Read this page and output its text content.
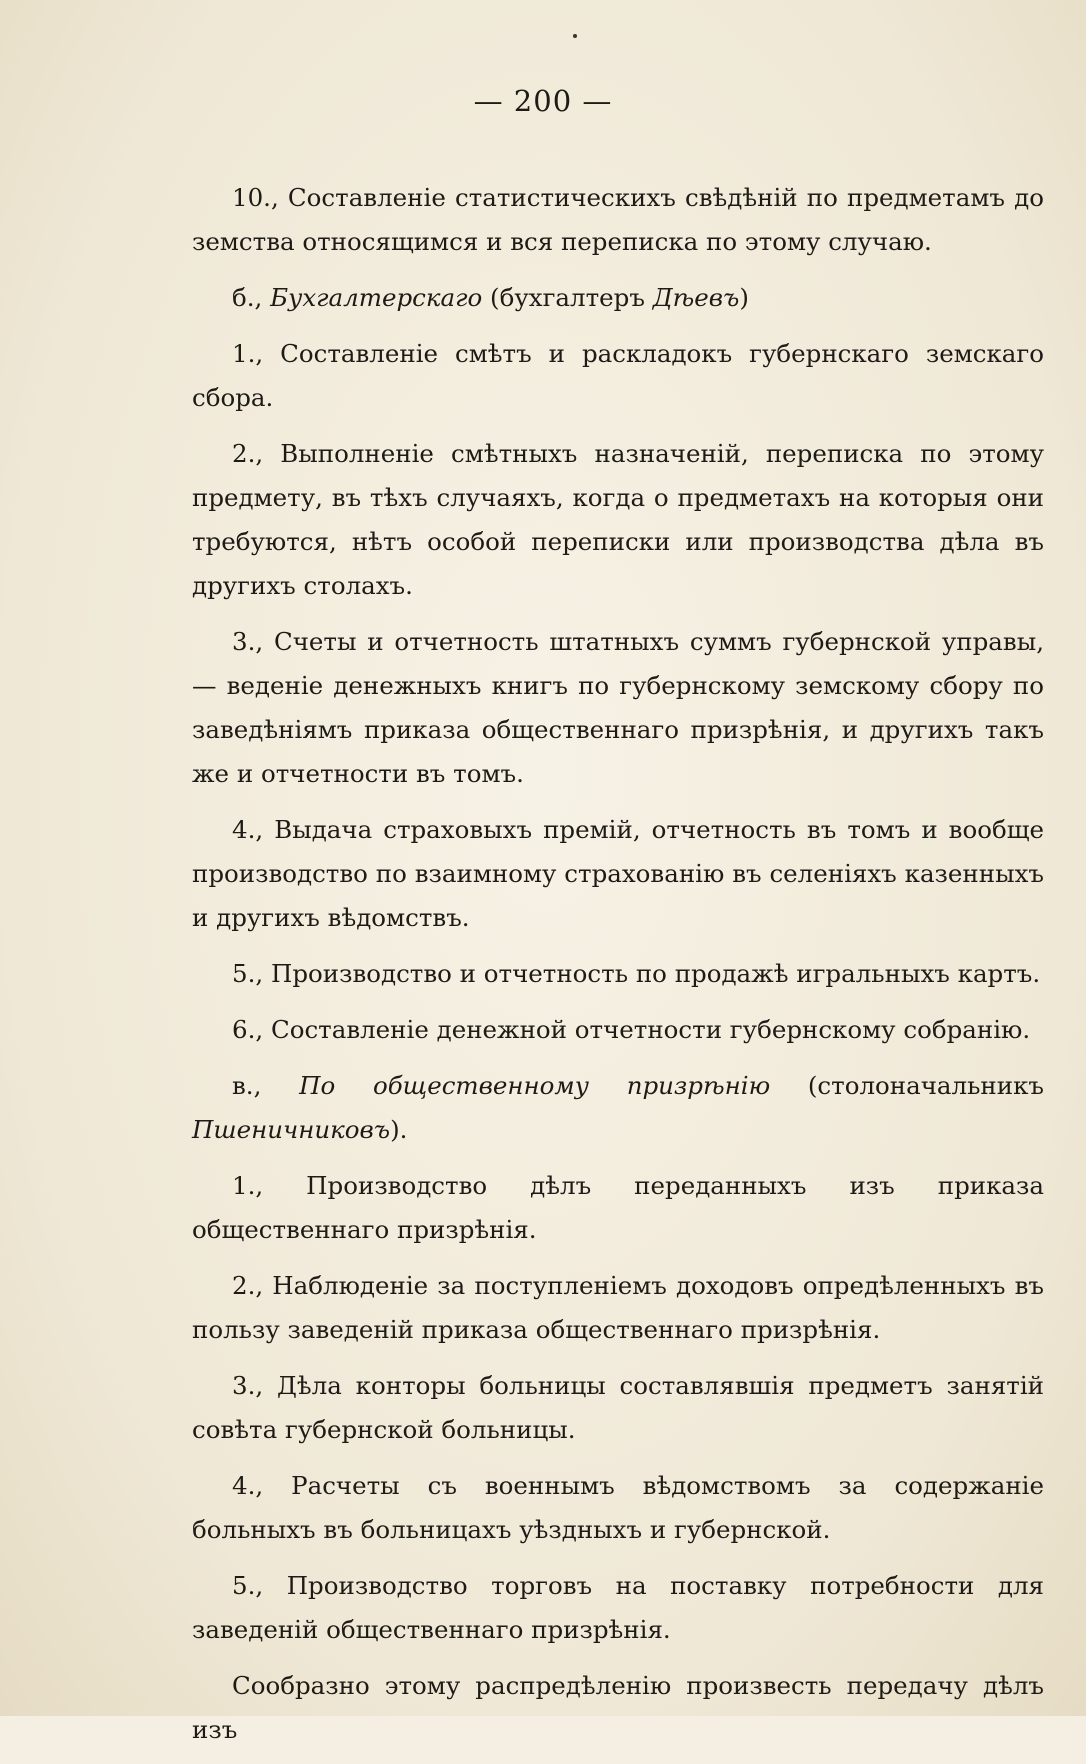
— 200 —

10., Составленіе статистическихъ свѣдѣній по предметамъ до земства относящимся и вся переписка по этому случаю.

б., Бухгалтерскаго (бухгалтеръ Дѣевъ)

1., Составленіе смѣтъ и раскладокъ губернскаго земскаго сбора.

2., Выполненіе смѣтныхъ назначеній, переписка по этому предмету, въ тѣхъ случаяхъ, когда о предметахъ на которыя они требуются, нѣтъ особой переписки или производства дѣла въ другихъ столахъ.

3., Счеты и отчетность штатныхъ суммъ губернской управы,— веденіе денежныхъ книгъ по губернскому земскому сбору по заведѣніямъ приказа общественнаго призрѣнія, и другихъ такъ же и отчетности въ томъ.

4., Выдача страховыхъ премій, отчетность въ томъ и вообще производство по взаимному страхованію въ селеніяхъ казенныхъ и другихъ вѣдомствъ.

5., Производство и отчетность по продажѣ игральныхъ картъ.

6., Составленіе денежной отчетности губернскому собранію.

в., По общественному призрѣнію (столоначальникъ Пшеничниковъ).

1., Производство дѣлъ переданныхъ изъ приказа общественнаго призрѣнія.

2., Наблюденіе за поступленіемъ доходовъ опредѣленныхъ въ пользу заведеній приказа общественнаго призрѣнія.

3., Дѣла конторы больницы составлявшія предметъ занятій совѣта губернской больницы.

4., Расчеты съ военнымъ вѣдомствомъ за содержаніе больныхъ въ больницахъ уѣздныхъ и губернской.

5., Производство торговъ на поставку потребности для заведеній общественнаго призрѣнія.

Сообразно этому распредѣленію произвесть передачу дѣлъ изъ
